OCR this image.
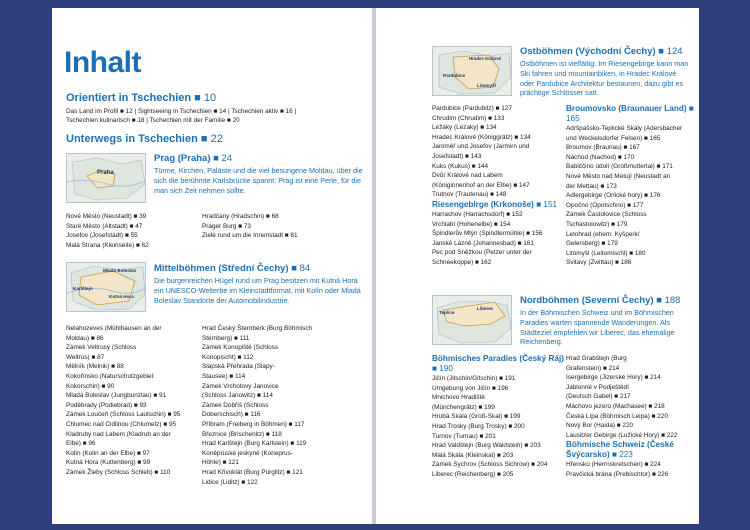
Inhalt
Orientiert in Tschechien ■ 10
Das Land im Profil ■ 12 | Sightseeing in Tschechien ■ 14 | Tschechien aktiv ■ 16 |
Tschechien kulinarisch ■ 18 | Tschechien mit der Familie ■ 20
Unterwegs in Tschechien ■ 22
Praha
Prag (Praha) ■ 24
Türme, Kirchen, Paläste und die viel besungene Moldau, über die sich die berühmte Karlsbrücke spannt: Prag ist eine Perle, für die man sich Zeit nehmen sollte.
Nové Město (Neustadt) ■ 39
Staré Město (Altstadt) ■ 47
Josefov (Josefstadt) ■ 55
Malá Strana (Kleinseite) ■ 62
Hradčany (Hradschin) ■ 68
Prager Burg ■ 73
Ziele rund um die Innenstadt ■ 81
Mladá Boleslav
Karlštejn
Kutná Hora
Mittelböhmen (Střední Čechy) ■ 84
Die burgenreichen Hügel rund um Prag besitzen mit Kutná Hora ein UNESCO-Welterbe im Kleinstadtformat, mit Kolín oder Mladá Boleslav Standorte der Automobilindustrie.
Nelahozeves (Mühlhausen an der
Moldau) ■ 86
Zámek Veltrusy (Schloss
Weltrus) ■ 87
Mělník (Melnik) ■ 88
Kokořínsko (Naturschutzgebiet
Kokorschin) ■ 90
Mladá Boleslav (Jungbunzlau) ■ 91
Poděbrady (Podiebrad) ■ 93
Zámek Loučeň (Schloss Lautschin) ■ 95
Chlumec nad Cidlinou (Chlumetz) ■ 95
Kladruby nad Labem (Kladrub an der
Elbe) ■ 96
Kolín (Kolin an der Elbe) ■ 97
Kutná Hora (Kuttenberg) ■ 99
Zámek Žleby (Schloss Schleb) ■ 110
Hrad Český Šternberk (Burg Böhmisch
Sternberg) ■ 111
Zámek Konopiště (Schloss
Konopischt) ■ 112
Slapská Přehrada (Slapy-
Stausee) ■ 114
Zámek Vrchotovy Janovice
(Schloss Janowitz) ■ 114
Zámek Dobříš (Schloss
Doberschisch) ■ 116
Příbram (Freiberg in Böhmen) ■ 117
Březnice (Brischenitz) ■ 118
Hrad Karlštejn (Burg Karlstein) ■ 119
Koněpruské jeskyně (Koneprus-
Höhle) ■ 121
Hrad Křivoklát (Burg Pürglitz) ■ 121
Lidice (Liditz) ■ 122
Hradec Králové
Pardubice
Litomyšl
Ostböhmen (Východní Čechy) ■ 124
Ostböhmen ist vielfältig. Im Riesengebirge kann man Ski fahren und mountainbiken, in Hradec Králové oder Pardubice Architektur bestaunen, dazu gibt es prächtige Schlösser satt.
Pardubice (Pardubitz) ■ 127
Chrudim (Chrudim) ■ 133
Ležáky (Lezaky) ■ 134
Hradec Králové (Königgrätz) ■ 134
Jaroměř und Josefov (Jarmirn und
Josefstadt) ■ 143
Kuks (Kukus) ■ 144
Dvůr Králové nad Labem
(Königinnenhof an der Elbe) ■ 147
Trutnov (Trautenau) ■ 148
Riesengebirge (Krkonoše) ■ 151
Harrachov (Harrachsdorf) ■ 152
Vrchlabí (Hohenelbe) ■ 154
Špindlerův Mlýn (Spindlermühle) ■ 156
Janské Lázně (Johannesbad) ■ 161
Pec pod Sněžkou (Petzer unter der
Schneekoppe) ■ 162
Broumovsko (Braunauer Land) ■ 165
Adršpašsko-Teplické Skály (Adersbacher
und Weckelsdorfer Felsen) ■ 165
Broumov (Braunau) ■ 167
Náchod (Nachod) ■ 170
Babiččino údolí (Großmuttertal) ■ 171
Nové Město nad Metují (Neustadt an
der Mettau) ■ 173
Adlergebirge (Orlické hory) ■ 176
Opočno (Opotschno) ■ 177
Zámek Častolovice (Schloss
Tschastolowitz) ■ 179
Letohrad (ehem. Kyšperk/
Gelersberg) ■ 179
Litomyšl (Leitomischl) ■ 180
Svitavy (Zwittau) ■ 186
Teplice
Liberec
Nordböhmen (Severní Čechy) ■ 188
In der Böhmischen Schweiz und im Böhmischen Paradies warten spannende Wanderungen. Als Städteziel empfehlen wir Liberec, das ehemalige Reichenberg.
Böhmisches Paradies (Český Ráj) ■ 190
Jičín (Jitschin/Gitschin) ■ 191
Umgebung von Jičín ■ 196
Mnichovo Hradiště
(Münchengrätz) ■ 199
Hrubá Skála (Groß-Skal) ■ 199
Hrad Trosky (Burg Trosky) ■ 200
Turnov (Turnau) ■ 201
Hrad Valdštejn (Burg Waldstein) ■ 203
Malá Skála (Kleinskal) ■ 203
Zámek Sychrov (Schloss Sichrow) ■ 204
Liberec (Reichenberg) ■ 205
Hrad Grabštejn (Burg
Grafenstein) ■ 214
Isergebirge (Jizerské Hory) ■ 214
Jablonné v Podještědí
(Deutsch Gabel) ■ 217
Máchovo jezero (Machasee) ■ 218
Česká Lípa (Böhmisch Leipa) ■ 220
Nový Bor (Haida) ■ 220
Lausitzer Gebirge (Lužické Hory) ■ 222
Böhmische Schweiz (České Švýcarsko) ■ 223
Hřensko (Herrnskretschen) ■ 224
Pravčická brána (Prebischtor) ■ 226
